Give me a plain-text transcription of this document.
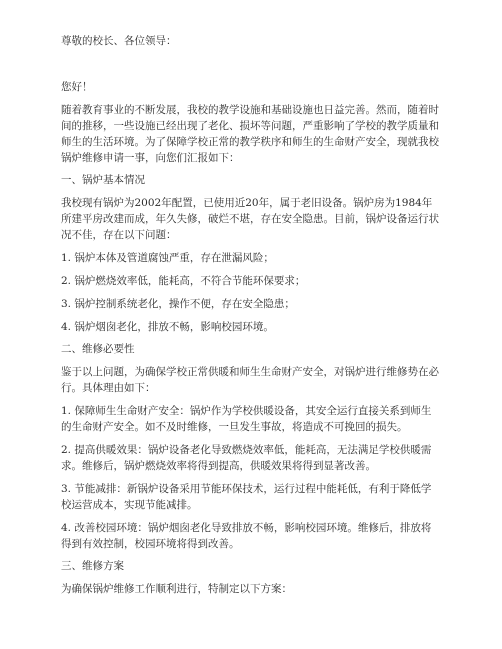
尊敬的校长、各位领导：

您好！

随着教育事业的不断发展，我校的教学设施和基础设施也日益完善。然而，随着时
间的推移，一些设施已经出现了老化、损坏等问题，严重影响了学校的教学质量和
师生的生活环境。为了保障学校正常的教学秩序和师生的生命财产安全，现就我校
锅炉维修申请一事，向您们汇报如下：

一、锅炉基本情况

我校现有锅炉为2002年配置，已使用近20年，属于老旧设备。锅炉房为1984年
所建平房改建而成，年久失修，破烂不堪，存在安全隐患。目前，锅炉设备运行状
况不佳，存在以下问题：

1. 锅炉本体及管道腐蚀严重，存在泄漏风险；

2. 锅炉燃烧效率低，能耗高，不符合节能环保要求；

3. 锅炉控制系统老化，操作不便，存在安全隐患；

4. 锅炉烟囱老化，排放不畅，影响校园环境。

二、维修必要性

鉴于以上问题，为确保学校正常供暖和师生生命财产安全，对锅炉进行维修势在必
行。具体理由如下：

1. 保障师生生命财产安全：锅炉作为学校供暖设备，其安全运行直接关系到师生
的生命财产安全。如不及时维修，一旦发生事故，将造成不可挽回的损失。

2. 提高供暖效果：锅炉设备老化导致燃烧效率低，能耗高，无法满足学校供暖需
求。维修后，锅炉燃烧效率将得到提高，供暖效果将得到显著改善。

3. 节能减排：新锅炉设备采用节能环保技术，运行过程中能耗低，有利于降低学
校运营成本，实现节能减排。

4. 改善校园环境：锅炉烟囱老化导致排放不畅，影响校园环境。维修后，排放将
得到有效控制，校园环境将得到改善。

三、维修方案

为确保锅炉维修工作顺利进行，特制定以下方案：
